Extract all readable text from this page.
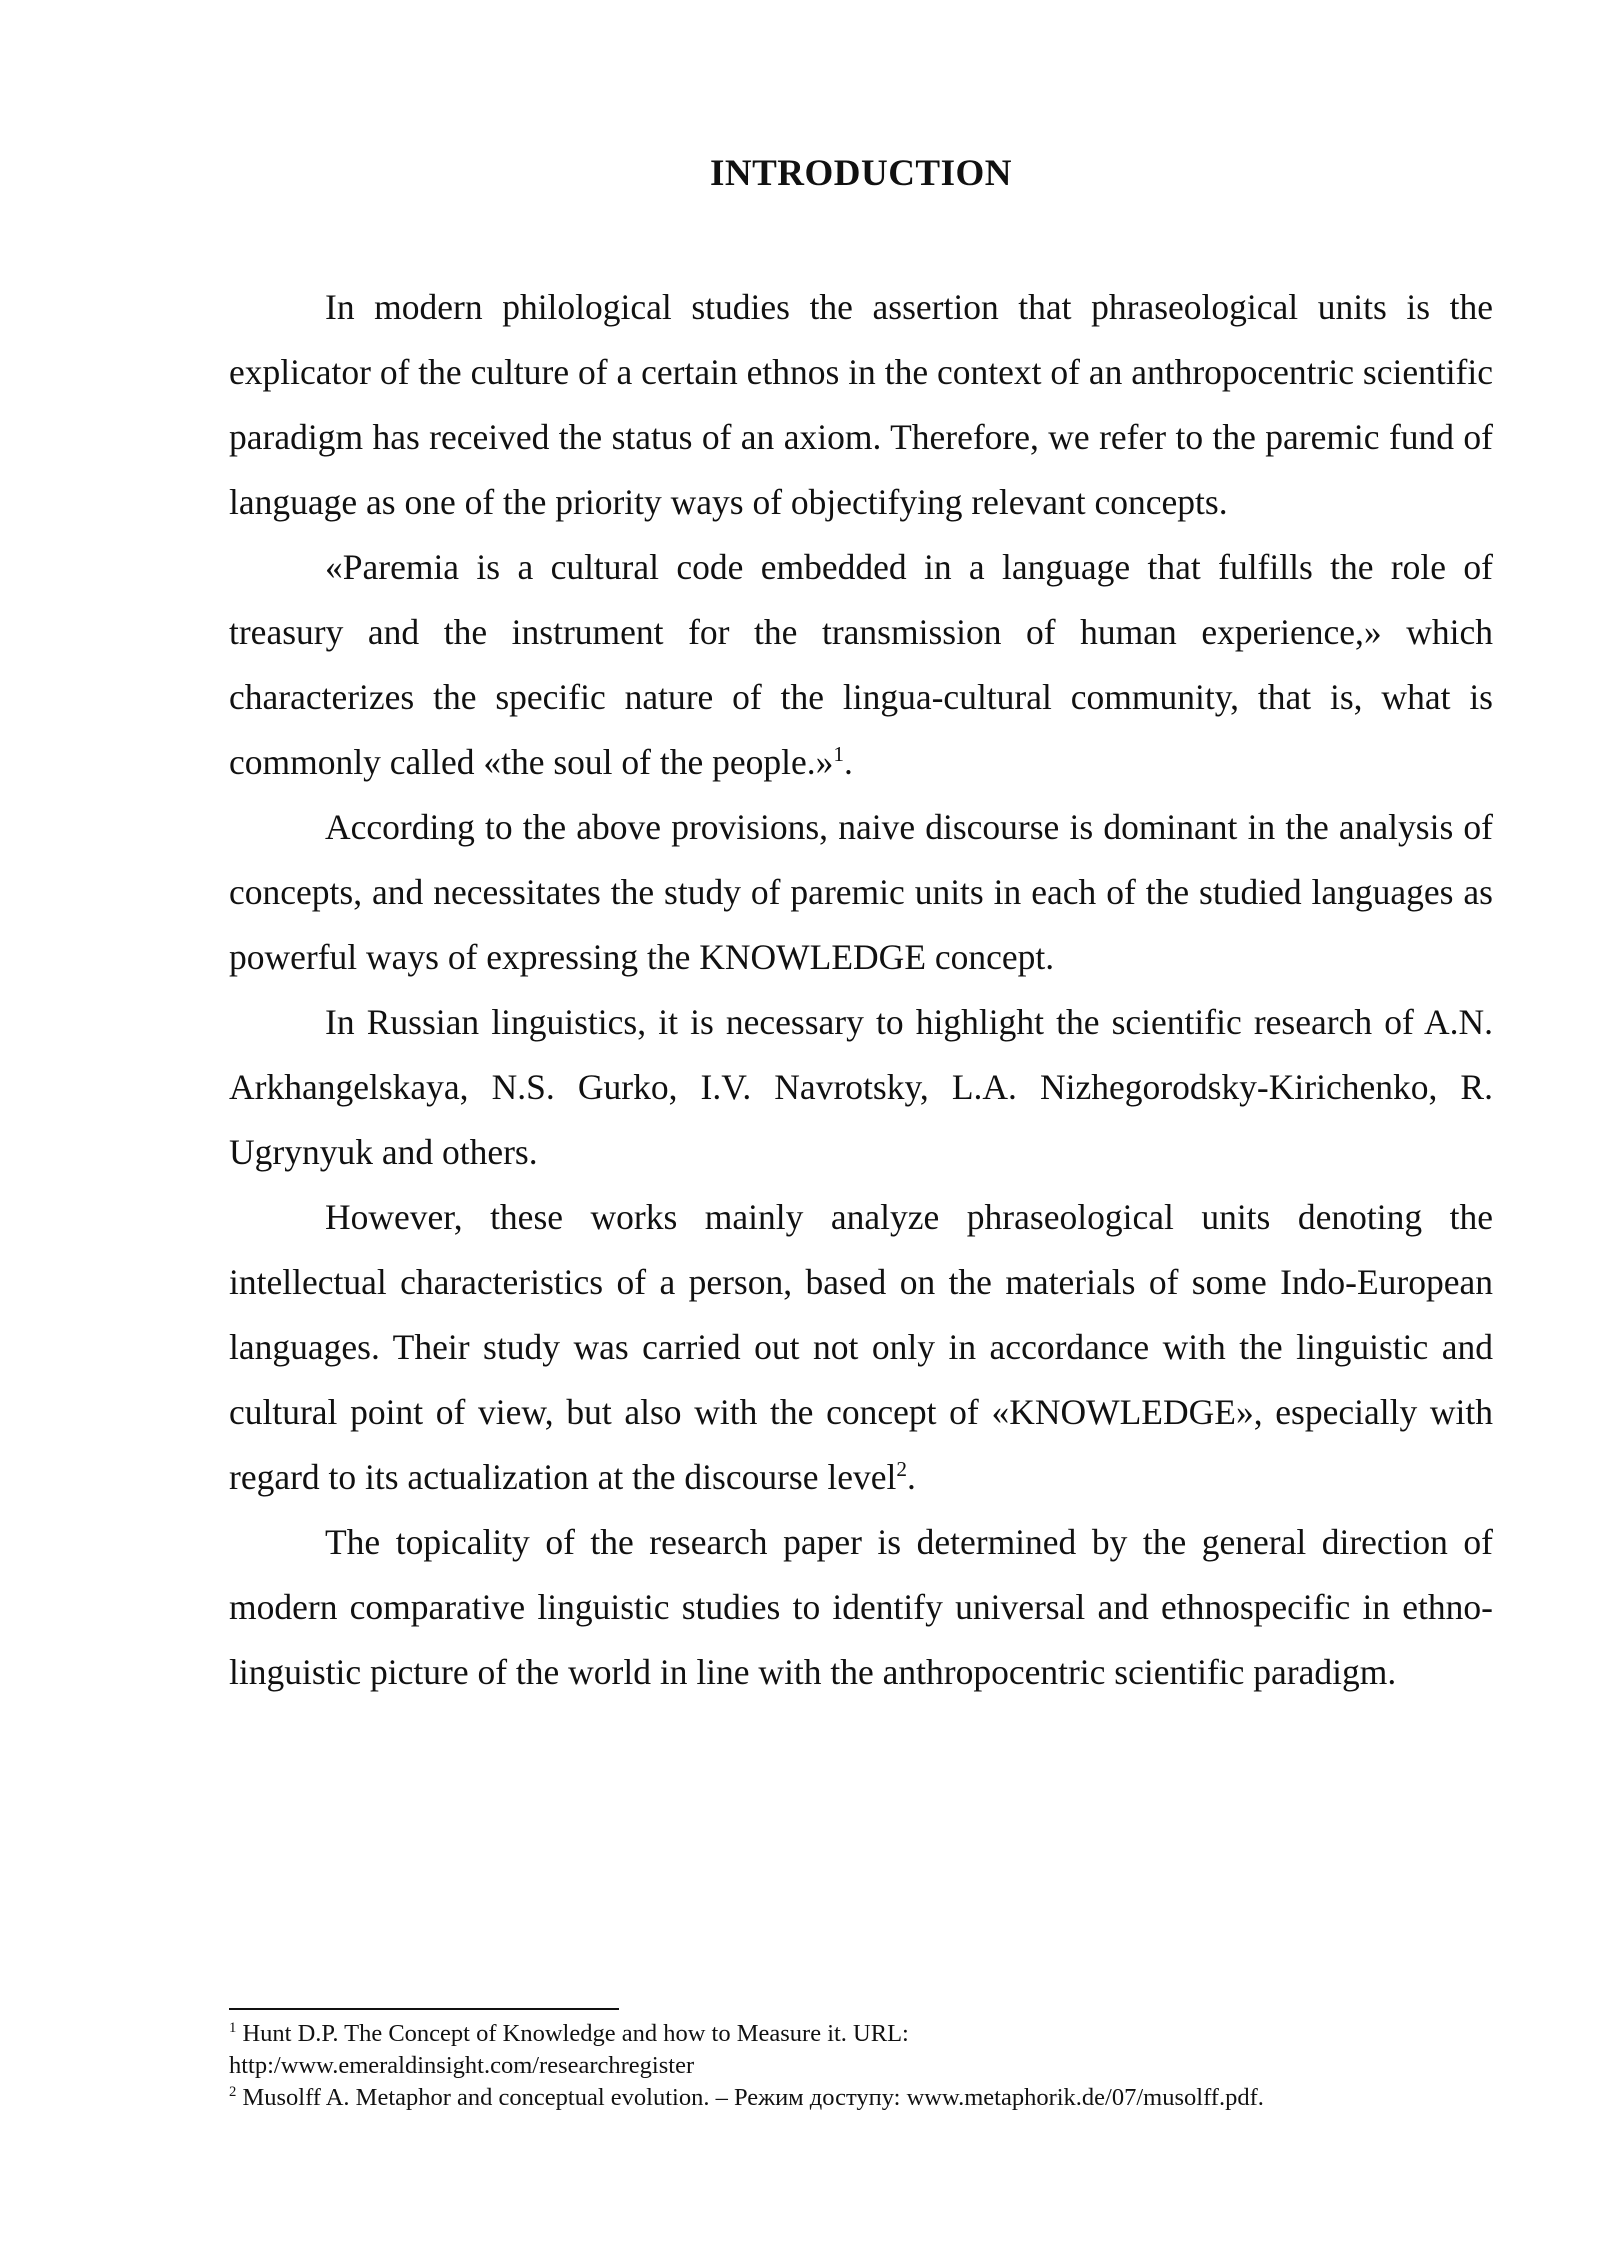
INTRODUCTION

In modern philological studies the assertion that phraseological units is the explicator of the culture of a certain ethnos in the context of an anthropocentric scientific paradigm has received the status of an axiom. Therefore, we refer to the paremic fund of language as one of the priority ways of objectifying relevant concepts.

«Paremia is a cultural code embedded in a language that fulfills the role of treasury and the instrument for the transmission of human experience,» which characterizes the specific nature of the lingua-cultural community, that is, what is commonly called «the soul of the people.»$^1$.

According to the above provisions, naive discourse is dominant in the analysis of concepts, and necessitates the study of paremic units in each of the studied languages as powerful ways of expressing the KNOWLEDGE concept.

In Russian linguistics, it is necessary to highlight the scientific research of A.N. Arkhangelskaya, N.S. Gurko, I.V. Navrotsky, L.A. Nizhegorodsky-Kirichenko, R. Ugrynyuk and others.

However, these works mainly analyze phraseological units denoting the intellectual characteristics of a person, based on the materials of some Indo-European languages. Their study was carried out not only in accordance with the linguistic and cultural point of view, but also with the concept of «KNOWLEDGE», especially with regard to its actualization at the discourse level$^2$.

The topicality of the research paper is determined by the general direction of modern comparative linguistic studies to identify universal and ethnospecific in ethno-linguistic picture of the world in line with the anthropocentric scientific paradigm.

$^1$ Hunt D.P. The Concept of Knowledge and how to Measure it. URL:
http:/www.emeraldinsight.com/researchregister

$^2$ Musolff A. Metaphor and conceptual evolution. – Режим доступу: www.metaphorik.de/07/musolff.pdf.
